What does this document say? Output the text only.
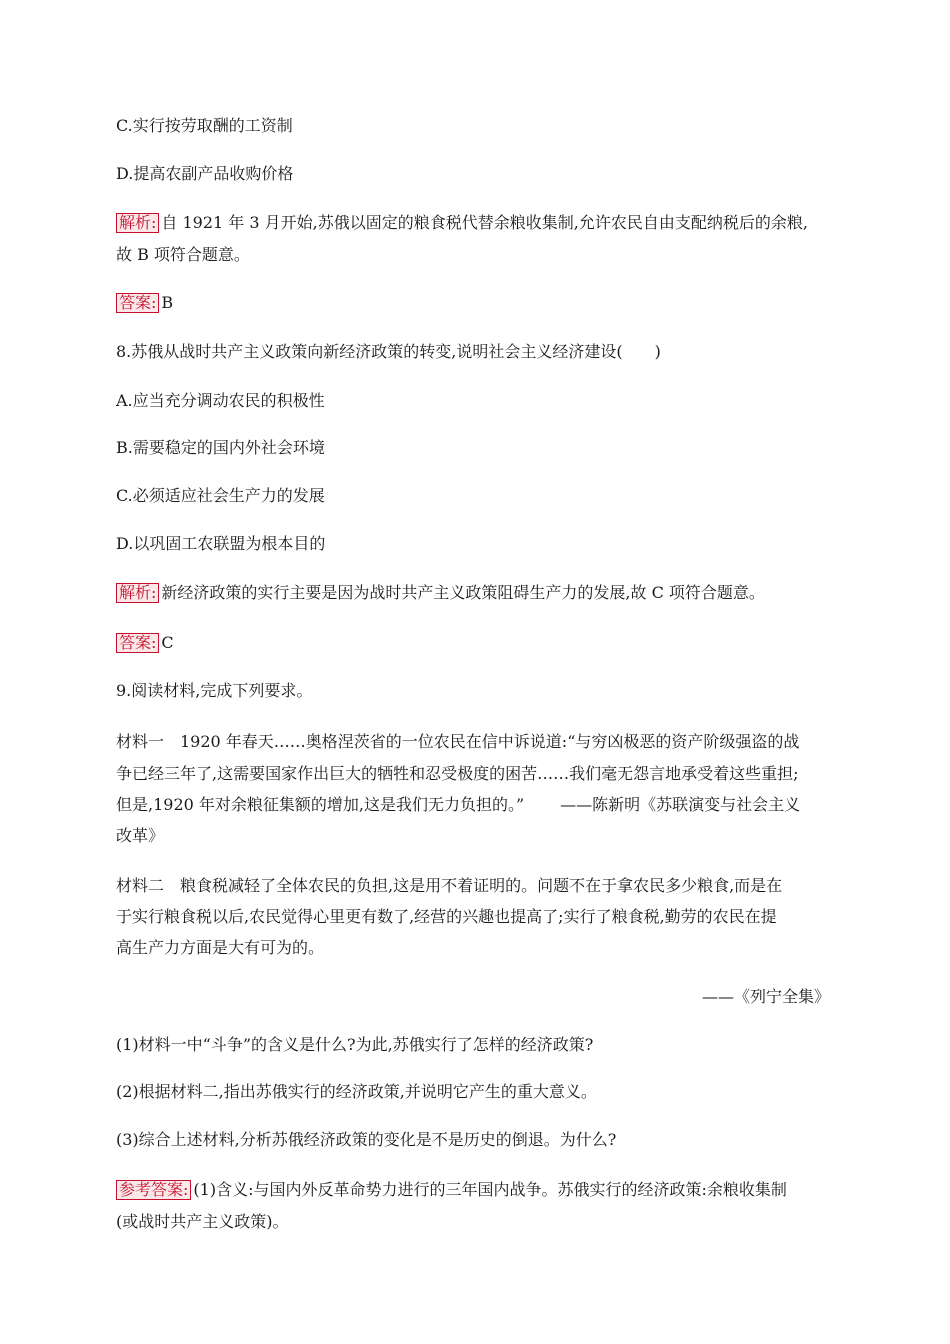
C.实行按劳取酬的工资制
D.提高农副产品收购价格
解析: 自 1921 年 3 月开始,苏俄以固定的粮食税代替余粮收集制,允许农民自由支配纳税后的余粮,
故 B 项符合题意。
答案: B
8.苏俄从战时共产主义政策向新经济政策的转变,说明社会主义经济建设(　　)
A.应当充分调动农民的积极性
B.需要稳定的国内外社会环境
C.必须适应社会生产力的发展
D.以巩固工农联盟为根本目的
解析: 新经济政策的实行主要是因为战时共产主义政策阻碍生产力的发展,故 C 项符合题意。
答案: C
9.阅读材料,完成下列要求。
材料一　1920 年春天……奥格涅茨省的一位农民在信中诉说道:“与穷凶极恶的资产阶级强盗的战
争已经三年了,这需要国家作出巨大的牺牲和忍受极度的困苦……我们毫无怨言地承受着这些重担;
但是,1920 年对余粮征集额的增加,这是我们无力负担的。” ——陈新明《苏联演变与社会主义
改革》
材料二　粮食税减轻了全体农民的负担,这是用不着证明的。问题不在于拿农民多少粮食,而是在
于实行粮食税以后,农民觉得心里更有数了,经营的兴趣也提高了;实行了粮食税,勤劳的农民在提
高生产力方面是大有可为的。
——《列宁全集》
(1)材料一中“斗争”的含义是什么?为此,苏俄实行了怎样的经济政策?
(2)根据材料二,指出苏俄实行的经济政策,并说明它产生的重大意义。
(3)综合上述材料,分析苏俄经济政策的变化是不是历史的倒退。为什么?
参考答案: (1)含义:与国内外反革命势力进行的三年国内战争。苏俄实行的经济政策:余粮收集制
(或战时共产主义政策)。
